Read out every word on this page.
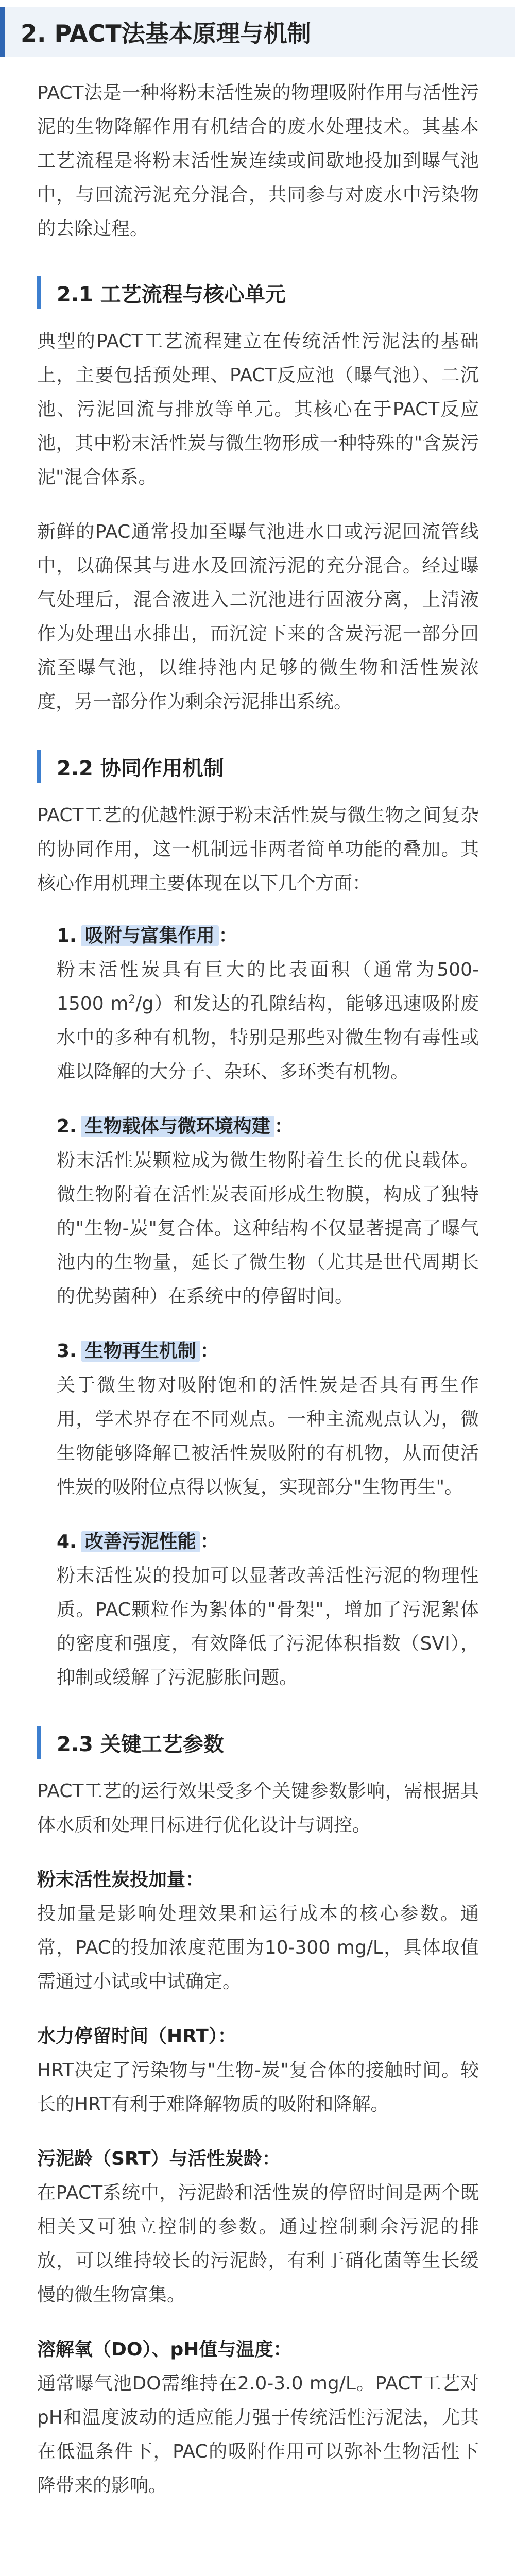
2. PACT法基本原理与机制

PACT法是一种将粉末活性炭的物理吸附作用与活性污泥的生物降解作用有机结合的废水处理技术。其基本工艺流程是将粉末活性炭连续或间歇地投加到曝气池中，与回流污泥充分混合，共同参与对废水中污染物的去除过程。

2.1 工艺流程与核心单元

典型的PACT工艺流程建立在传统活性污泥法的基础上，主要包括预处理、PACT反应池（曝气池）、二沉池、污泥回流与排放等单元。其核心在于PACT反应池，其中粉末活性炭与微生物形成一种特殊的"含炭污泥"混合体系。

新鲜的PAC通常投加至曝气池进水口或污泥回流管线中，以确保其与进水及回流污泥的充分混合。经过曝气处理后，混合液进入二沉池进行固液分离，上清液作为处理出水排出，而沉淀下来的含炭污泥一部分回流至曝气池，以维持池内足够的微生物和活性炭浓度，另一部分作为剩余污泥排出系统。

2.2 协同作用机制

PACT工艺的优越性源于粉末活性炭与微生物之间复杂的协同作用，这一机制远非两者简单功能的叠加。其核心作用机理主要体现在以下几个方面：

1. 吸附与富集作用 ：
粉末活性炭具有巨大的比表面积（通常为500-1500 $m^2/g$）和发达的孔隙结构，能够迅速吸附废水中的多种有机物，特别是那些对微生物有毒性或难以降解的大分子、杂环、多环类有机物。
2. 生物载体与微环境构建 ：
粉末活性炭颗粒成为微生物附着生长的优良载体。微生物附着在活性炭表面形成生物膜，构成了独特的"生物-炭"复合体。这种结构不仅显著提高了曝气池内的生物量，延长了微生物（尤其是世代周期长的优势菌种）在系统中的停留时间。
3. 生物再生机制 ：
关于微生物对吸附饱和的活性炭是否具有再生作用，学术界存在不同观点。一种主流观点认为，微生物能够降解已被活性炭吸附的有机物，从而使活性炭的吸附位点得以恢复，实现部分"生物再生"。
4. 改善污泥性能 ：
粉末活性炭的投加可以显著改善活性污泥的物理性质。PAC颗粒作为絮体的"骨架"，增加了污泥絮体的密度和强度，有效降低了污泥体积指数（SVI），抑制或缓解了污泥膨胀问题。
2.3 关键工艺参数

PACT工艺的运行效果受多个关键参数影响，需根据具体水质和处理目标进行优化设计与调控。

粉末活性炭投加量：

投加量是影响处理效果和运行成本的核心参数。通常，PAC的投加浓度范围为10-300 mg/L，具体取值需通过小试或中试确定。

水力停留时间（HRT）：

HRT决定了污染物与"生物-炭"复合体的接触时间。较长的HRT有利于难降解物质的吸附和降解。

污泥龄（SRT）与活性炭龄：

在PACT系统中，污泥龄和活性炭的停留时间是两个既相关又可独立控制的参数。通过控制剩余污泥的排放，可以维持较长的污泥龄，有利于硝化菌等生长缓慢的微生物富集。

溶解氧（DO）、pH值与温度：

通常曝气池DO需维持在2.0-3.0 mg/L。PACT工艺对pH和温度波动的适应能力强于传统活性污泥法，尤其在低温条件下，PAC的吸附作用可以弥补生物活性下降带来的影响。
